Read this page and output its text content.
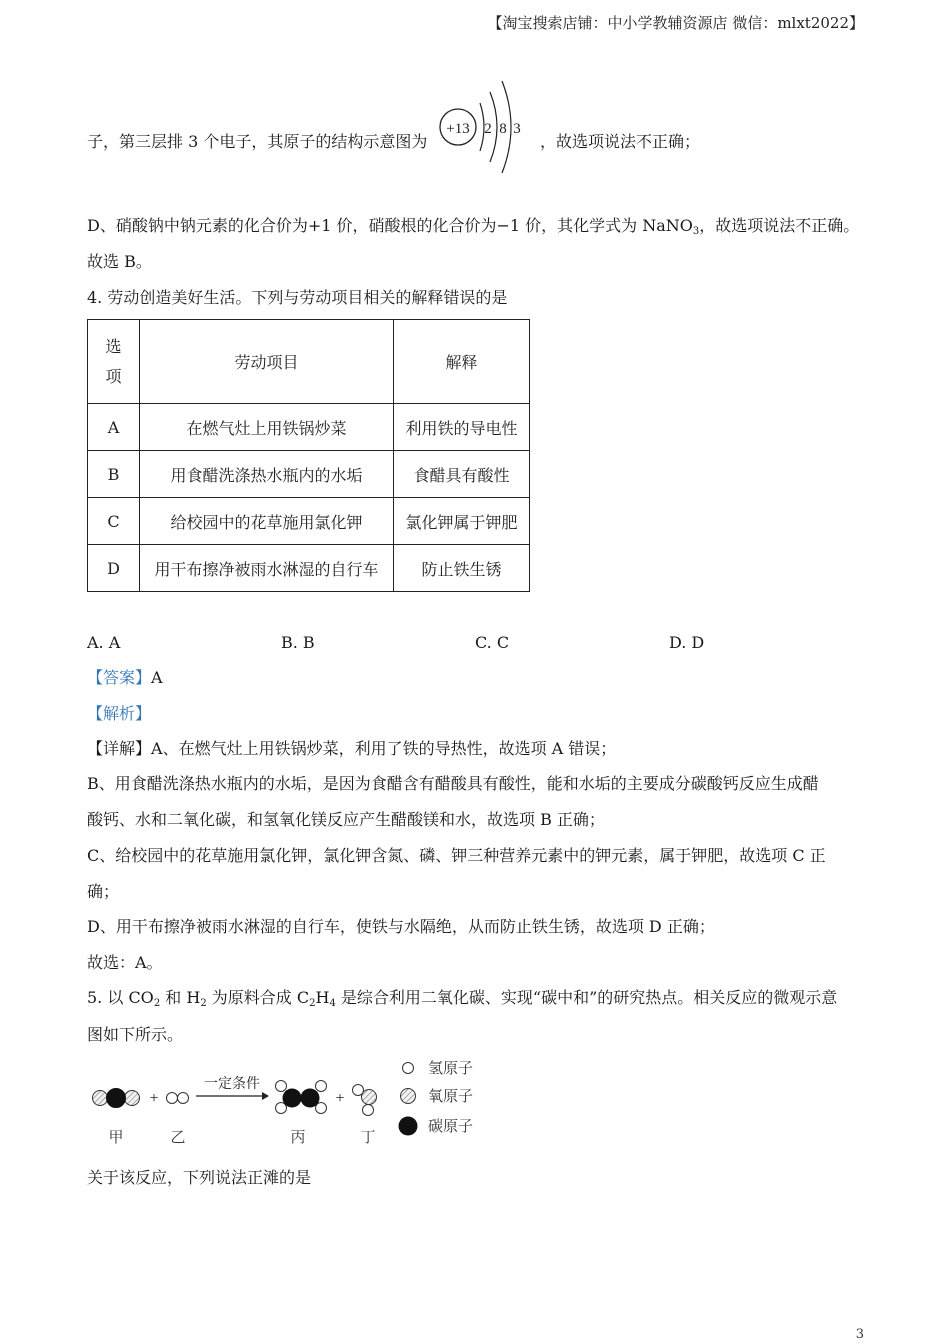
【淘宝搜索店铺：中小学教辅资源店 微信：mlxt2022】
子，第三层排 3 个电子，其原子的结构示意图为
+13 2 8 3
，故选项说法不正确；
D、硝酸钠中钠元素的化合价为+1 价，硝酸根的化合价为−1 价，其化学式为 NaNO$_3$，故选项说法不正确。
故选 B。
4. 劳动创造美好生活。下列与劳动项目相关的解释错误的是
选
项	劳动项目	解释
A	在燃气灶上用铁锅炒菜	利用铁的导电性
B	用食醋洗涤热水瓶内的水垢	食醋具有酸性
C	给校园中的花草施用氯化钾	氯化钾属于钾肥
D	用干布擦净被雨水淋湿的自行车	防止铁生锈
A. A	B. B	C. C	D. D
【答案】A
【解析】
【详解】A、在燃气灶上用铁锅炒菜，利用了铁的导热性，故选项 A 错误；
B、用食醋洗涤热水瓶内的水垢，是因为食醋含有醋酸具有酸性，能和水垢的主要成分碳酸钙反应生成醋
酸钙、水和二氧化碳，和氢氧化镁反应产生醋酸镁和水，故选项 B 正确；
C、给校园中的花草施用氯化钾，氯化钾含氮、磷、钾三种营养元素中的钾元素，属于钾肥，故选项 C 正
确；
D、用干布擦净被雨水淋湿的自行车，使铁与水隔绝，从而防止铁生锈，故选项 D 正确；
故选：A。
5. 以 $CO_2$ 和 $H_2$ 为原料合成 $C_2H_4$ 是综合利用二氧化碳、实现“碳中和”的研究热点。相关反应的微观示意
图如下所示。
+
一定条件
+
甲	乙	丙	丁
氢原子
氧原子
碳原子
关于该反应，下列说法正滩的是
3
